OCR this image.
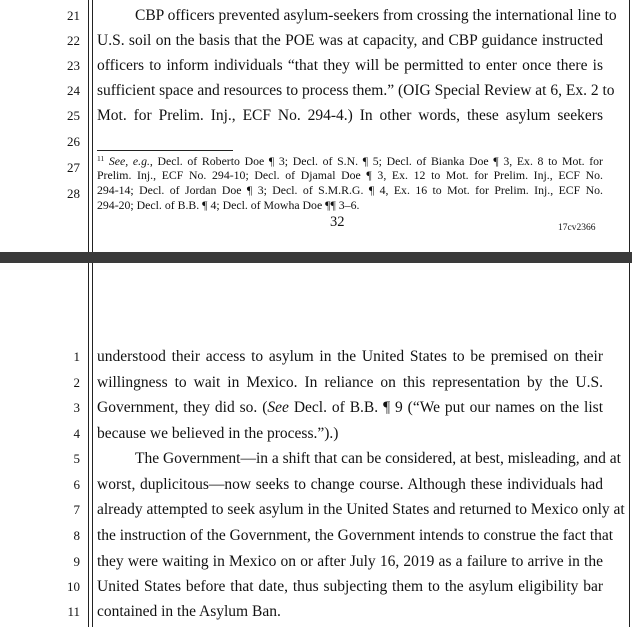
21
22
23
24
25
26
27
28
CBP officers prevented asylum-seekers from crossing the international line to
U.S. soil on the basis that the POE was at capacity, and CBP guidance instructed
officers to inform individuals “that they will be permitted to enter once there is
sufficient space and resources to process them.” (OIG Special Review at 6, Ex. 2 to
Mot. for Prelim. Inj., ECF No. 294-4.) In other words, these asylum seekers
$^{11}$ See, e.g., Decl. of Roberto Doe ¶ 3; Decl. of S.N. ¶ 5; Decl. of Bianka Doe ¶ 3, Ex. 8 to Mot. for
Prelim. Inj., ECF No. 294-10; Decl. of Djamal Doe ¶ 3, Ex. 12 to Mot. for Prelim. Inj., ECF No.
294-14; Decl. of Jordan Doe ¶ 3; Decl. of S.M.R.G. ¶ 4, Ex. 16 to Mot. for Prelim. Inj., ECF No.
294-20; Decl. of B.B. ¶ 4; Decl. of Mowha Doe ¶¶ 3–6.
32	17cv2366
1
2
3
4
5
6
7
8
9
10
11
understood their access to asylum in the United States to be premised on their
willingness to wait in Mexico. In reliance on this representation by the U.S.
Government, they did so. (See Decl. of B.B. ¶ 9 (“We put our names on the list
because we believed in the process.”).)
The Government—in a shift that can be considered, at best, misleading, and at
worst, duplicitous—now seeks to change course. Although these individuals had
already attempted to seek asylum in the United States and returned to Mexico only at
the instruction of the Government, the Government intends to construe the fact that
they were waiting in Mexico on or after July 16, 2019 as a failure to arrive in the
United States before that date, thus subjecting them to the asylum eligibility bar
contained in the Asylum Ban.
